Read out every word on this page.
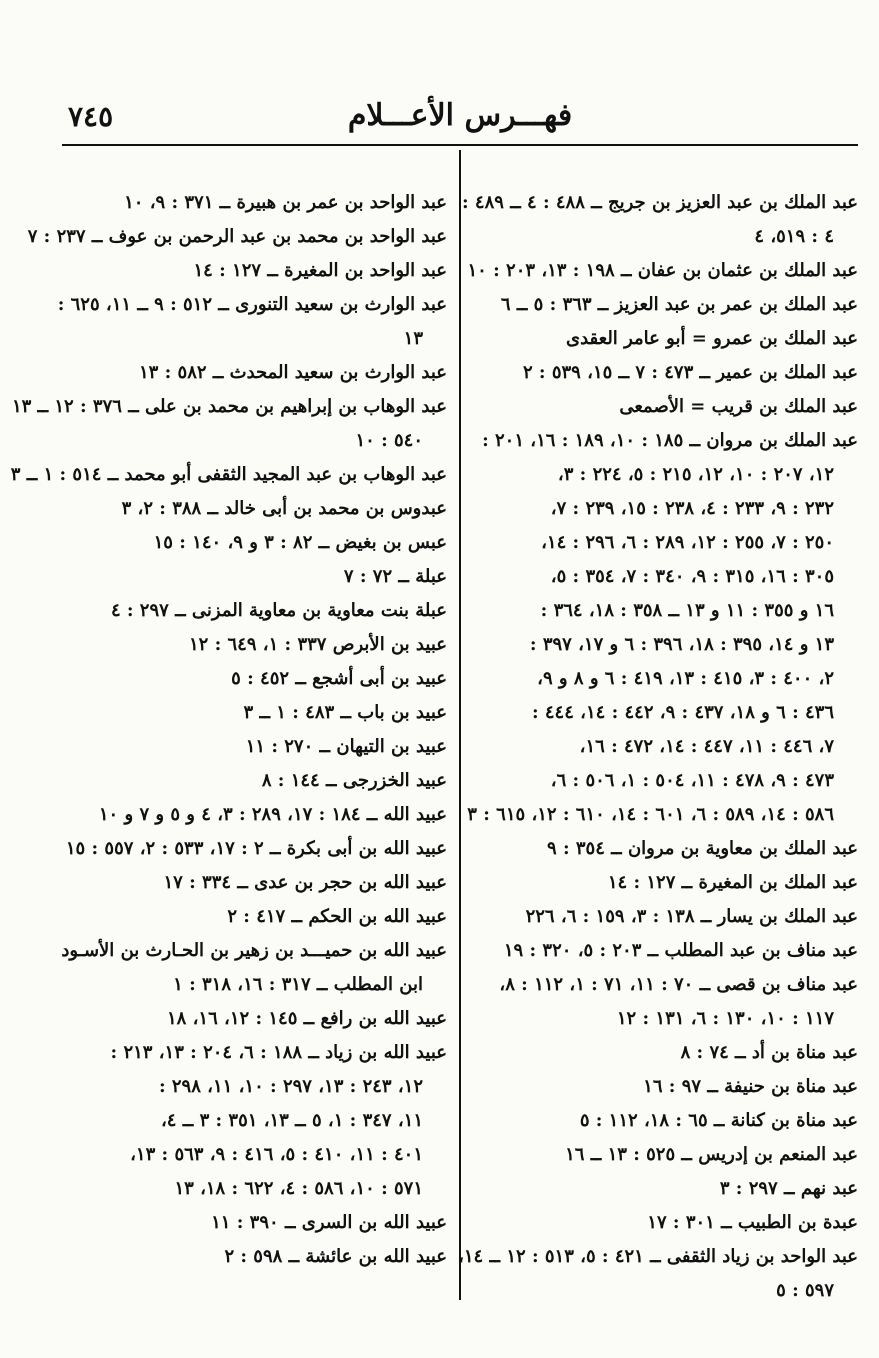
٧٤٥	فهـــرس الأعـــلام

عبد الملك بن عبد العزيز بن جريج ــ ٤٨٨ : ٤ ــ ٤٨٩ :

٤ : ٥١٩، ٤

عبد الملك بن عثمان بن عفان ــ ١٩٨ : ١٣، ٢٠٣ : ١٠

عبد الملك بن عمر بن عبد العزيز ــ ٣٦٣ : ٥ ــ ٦

عبد الملك بن عمرو = أبو عامر العقدى

عبد الملك بن عمير ــ ٤٧٣ : ٧ ــ ١٥، ٥٣٩ : ٢

عبد الملك بن قريب = الأصمعى

عبد الملك بن مروان ــ ١٨٥ : ١٠، ١٨٩ : ١٦، ٢٠١ :

١٢، ٢٠٧ : ١٠، ١٢، ٢١٥ : ٥، ٢٢٤ : ٣،

٢٣٢ : ٩، ٢٣٣ : ٤، ٢٣٨ : ١٥، ٢٣٩ : ٧،

٢٥٠ : ٧، ٢٥٥ : ١٢، ٢٨٩ : ٦، ٢٩٦ : ١٤،

٣٠٥ : ١٦، ٣١٥ : ٩، ٣٤٠ : ٧، ٣٥٤ : ٥،

١٦ و ٣٥٥ : ١١ و ١٣ ــ ٣٥٨ : ١٨، ٣٦٤ :

١٣ و ١٤، ٣٩٥ : ١٨، ٣٩٦ : ٦ و ١٧، ٣٩٧ :

٢، ٤٠٠ : ٣، ٤١٥ : ١٣، ٤١٩ : ٦ و ٨ و ٩،

٤٣٦ : ٦ و ١٨، ٤٣٧ : ٩، ٤٤٢ : ١٤، ٤٤٤ :

٧، ٤٤٦ : ١١، ٤٤٧ : ١٤، ٤٧٢ : ١٦،

٤٧٣ : ٩، ٤٧٨ : ١١، ٥٠٤ : ١، ٥٠٦ : ٦،

٥٨٦ : ١٤، ٥٨٩ : ٦، ٦٠١ : ١٤، ٦١٠ : ١٢، ٦١٥ : ٣

عبد الملك بن معاوية بن مروان ــ ٣٥٤ : ٩

عبد الملك بن المغيرة ــ ١٢٧ : ١٤

عبد الملك بن يسار ــ ١٣٨ : ٣، ١٥٩ : ٦، ٢٢٦

عبد مناف بن عبد المطلب ــ ٢٠٣ : ٥، ٣٢٠ : ١٩

عبد مناف بن قصى ــ ٧٠ : ١١، ٧١ : ١، ١١٢ : ٨،

١١٧ : ١٠، ١٣٠ : ٦، ١٣١ : ١٢

عبد مناة بن أد ــ ٧٤ : ٨

عبد مناة بن حنيفة ــ ٩٧ : ١٦

عبد مناة بن كنانة ــ ٦٥ : ١٨، ١١٢ : ٥

عبد المنعم بن إدريس ــ ٥٢٥ : ١٣ ــ ١٦

عبد نهم ــ ٢٩٧ : ٣

عبدة بن الطبيب ــ ٣٠١ : ١٧

عبد الواحد بن زياد الثقفى ــ ٤٢١ : ٥، ٥١٣ : ١٢ ــ ١٤،

٥٩٧ : ٥

عبد الواحد بن عمر بن هبيرة ــ ٣٧١ : ٩، ١٠

عبد الواحد بن محمد بن عبد الرحمن بن عوف ــ ٢٣٧ : ٧

عبد الواحد بن المغيرة ــ ١٢٧ : ١٤

عبد الوارث بن سعيد التنورى ــ ٥١٢ : ٩ ــ ١١، ٦٢٥ :

١٣

عبد الوارث بن سعيد المحدث ــ ٥٨٢ : ١٣

عبد الوهاب بن إبراهيم بن محمد بن على ــ ٣٧٦ : ١٢ ــ ١٣

٥٤٠ : ١٠

عبد الوهاب بن عبد المجيد الثقفى أبو محمد ــ ٥١٤ : ١ ــ ٣

عبدوس بن محمد بن أبى خالد ــ ٣٨٨ : ٢، ٣

عبس بن بغيض ــ ٨٢ : ٣ و ٩، ١٤٠ : ١٥

عبلة ــ ٧٢ : ٧

عبلة بنت معاوية بن معاوية المزنى ــ ٢٩٧ : ٤

عبيد بن الأبرص ٣٣٧ : ١، ٦٤٩ : ١٢

عبيد بن أبى أشجع ــ ٤٥٢ : ٥

عبيد بن باب ــ ٤٨٣ : ١ ــ ٣

عبيد بن التيهان ــ ٢٧٠ : ١١

عبيد الخزرجى ــ ١٤٤ : ٨

عبيد الله ــ ١٨٤ : ١٧، ٢٨٩ : ٣، ٤ و ٥ و ٧ و ١٠

عبيد الله بن أبى بكرة ــ ٢ : ١٧، ٥٣٣ : ٢، ٥٥٧ : ١٥

عبيد الله بن حجر بن عدى ــ ٣٣٤ : ١٧

عبيد الله بن الحكم ــ ٤١٧ : ٢

عبيد الله بن حميـــد بن زهير بن الحـارث بن الأسـود

ابن المطلب ــ ٣١٧ : ١٦، ٣١٨ : ١

عبيد الله بن رافع ــ ١٤٥ : ١٢، ١٦، ١٨

عبيد الله بن زياد ــ ١٨٨ : ٦، ٢٠٤ : ١٣، ٢١٣ :

١٢، ٢٤٣ : ١٣، ٢٩٧ : ١٠، ١١، ٢٩٨ :

١١، ٣٤٧ : ١، ٥ ــ ١٣، ٣٥١ : ٣ ــ ٤،

٤٠١ : ١١، ٤١٠ : ٥، ٤١٦ : ٩، ٥٦٣ : ١٣،

٥٧١ : ١٠، ٥٨٦ : ٤، ٦٢٢ : ١٨، ١٣

عبيد الله بن السرى ــ ٣٩٠ : ١١

عبيد الله بن عائشة ــ ٥٩٨ : ٢
